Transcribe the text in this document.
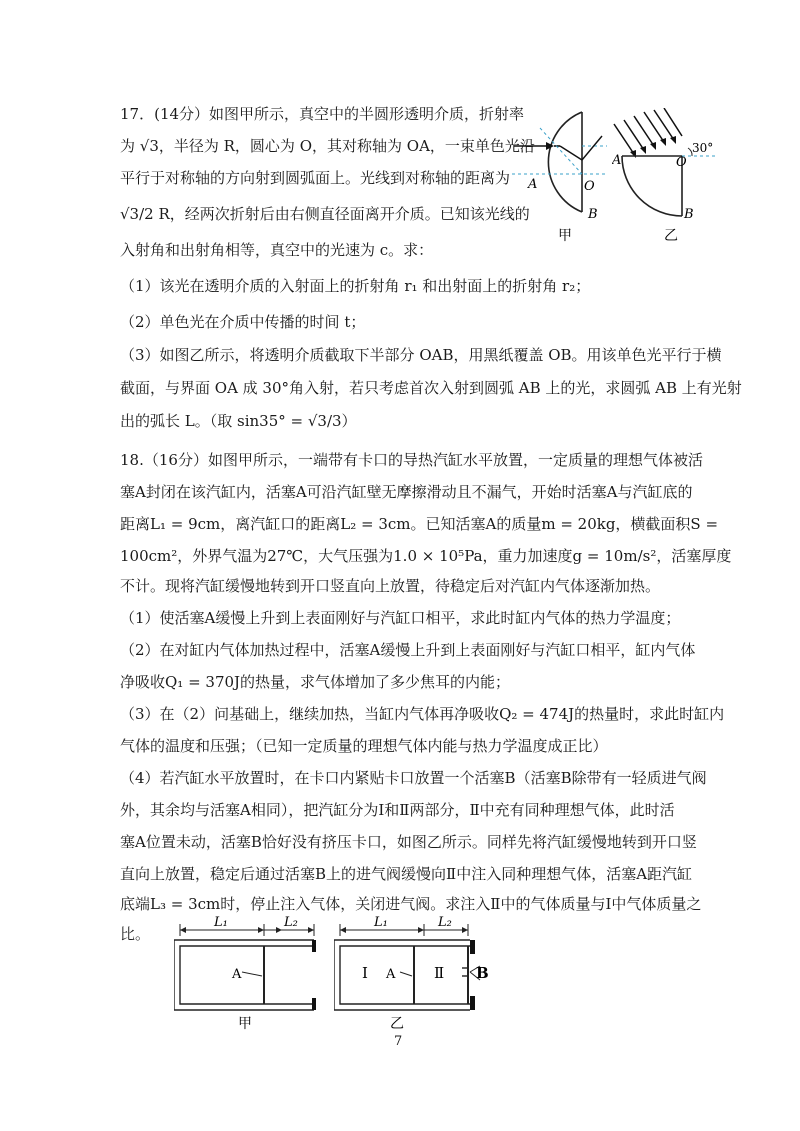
17．(14分）如图甲所示，真空中的半圆形透明介质，折射率
为 √3，半径为 R，圆心为 O，其对称轴为 OA，一束单色光沿
平行于对称轴的方向射到圆弧面上。光线到对称轴的距离为
√3/2 R，经两次折射后由右侧直径面离开介质。已知该光线的
入射角和出射角相等，真空中的光速为 c。求：
（1）该光在透明介质的入射面上的折射角 r₁ 和出射面上的折射角 r₂；
（2）单色光在介质中传播的时间 t；
（3）如图乙所示，将透明介质截取下半部分 OAB，用黑纸覆盖 OB。用该单色光平行于横
截面，与界面 OA 成 30°角入射，若只考虑首次入射到圆弧 AB 上的光，求圆弧 AB 上有光射
出的弧长 L。（取 sin35° = √3/3）
A	O
B
甲
30°
A	O
B
乙
18.（16分）如图甲所示，一端带有卡口的导热汽缸水平放置，一定质量的理想气体被活
塞A封闭在该汽缸内，活塞A可沿汽缸壁无摩擦滑动且不漏气，开始时活塞A与汽缸底的
距离L₁ = 9cm，离汽缸口的距离L₂ = 3cm。已知活塞A的质量m = 20kg，横截面积S =
100cm²，外界气温为27℃，大气压强为1.0 × 10⁵Pa，重力加速度g = 10m/s²，活塞厚度
不计。现将汽缸缓慢地转到开口竖直向上放置，待稳定后对汽缸内气体逐渐加热。
（1）使活塞A缓慢上升到上表面刚好与汽缸口相平，求此时缸内气体的热力学温度；
（2）在对缸内气体加热过程中，活塞A缓慢上升到上表面刚好与汽缸口相平，缸内气体
净吸收Q₁ = 370J的热量，求气体增加了多少焦耳的内能；
（3）在（2）问基础上，继续加热，当缸内气体再净吸收Q₂ = 474J的热量时，求此时缸内
气体的温度和压强；（已知一定质量的理想气体内能与热力学温度成正比）
（4）若汽缸水平放置时，在卡口内紧贴卡口放置一个活塞B（活塞B除带有一轻质进气阀
外，其余均与活塞A相同），把汽缸分为Ⅰ和Ⅱ两部分，Ⅱ中充有同种理想气体，此时活
塞A位置未动，活塞B恰好没有挤压卡口，如图乙所示。同样先将汽缸缓慢地转到开口竖
直向上放置，稳定后通过活塞B上的进气阀缓慢向Ⅱ中注入同种理想气体，活塞A距汽缸
底端L₃ = 3cm时，停止注入气体，关闭进气阀。求注入Ⅱ中的气体质量与Ⅰ中气体质量之
比。
L₁	L₂
A
甲
L₁	L₂
A
Ⅰ	Ⅱ B
乙
7
